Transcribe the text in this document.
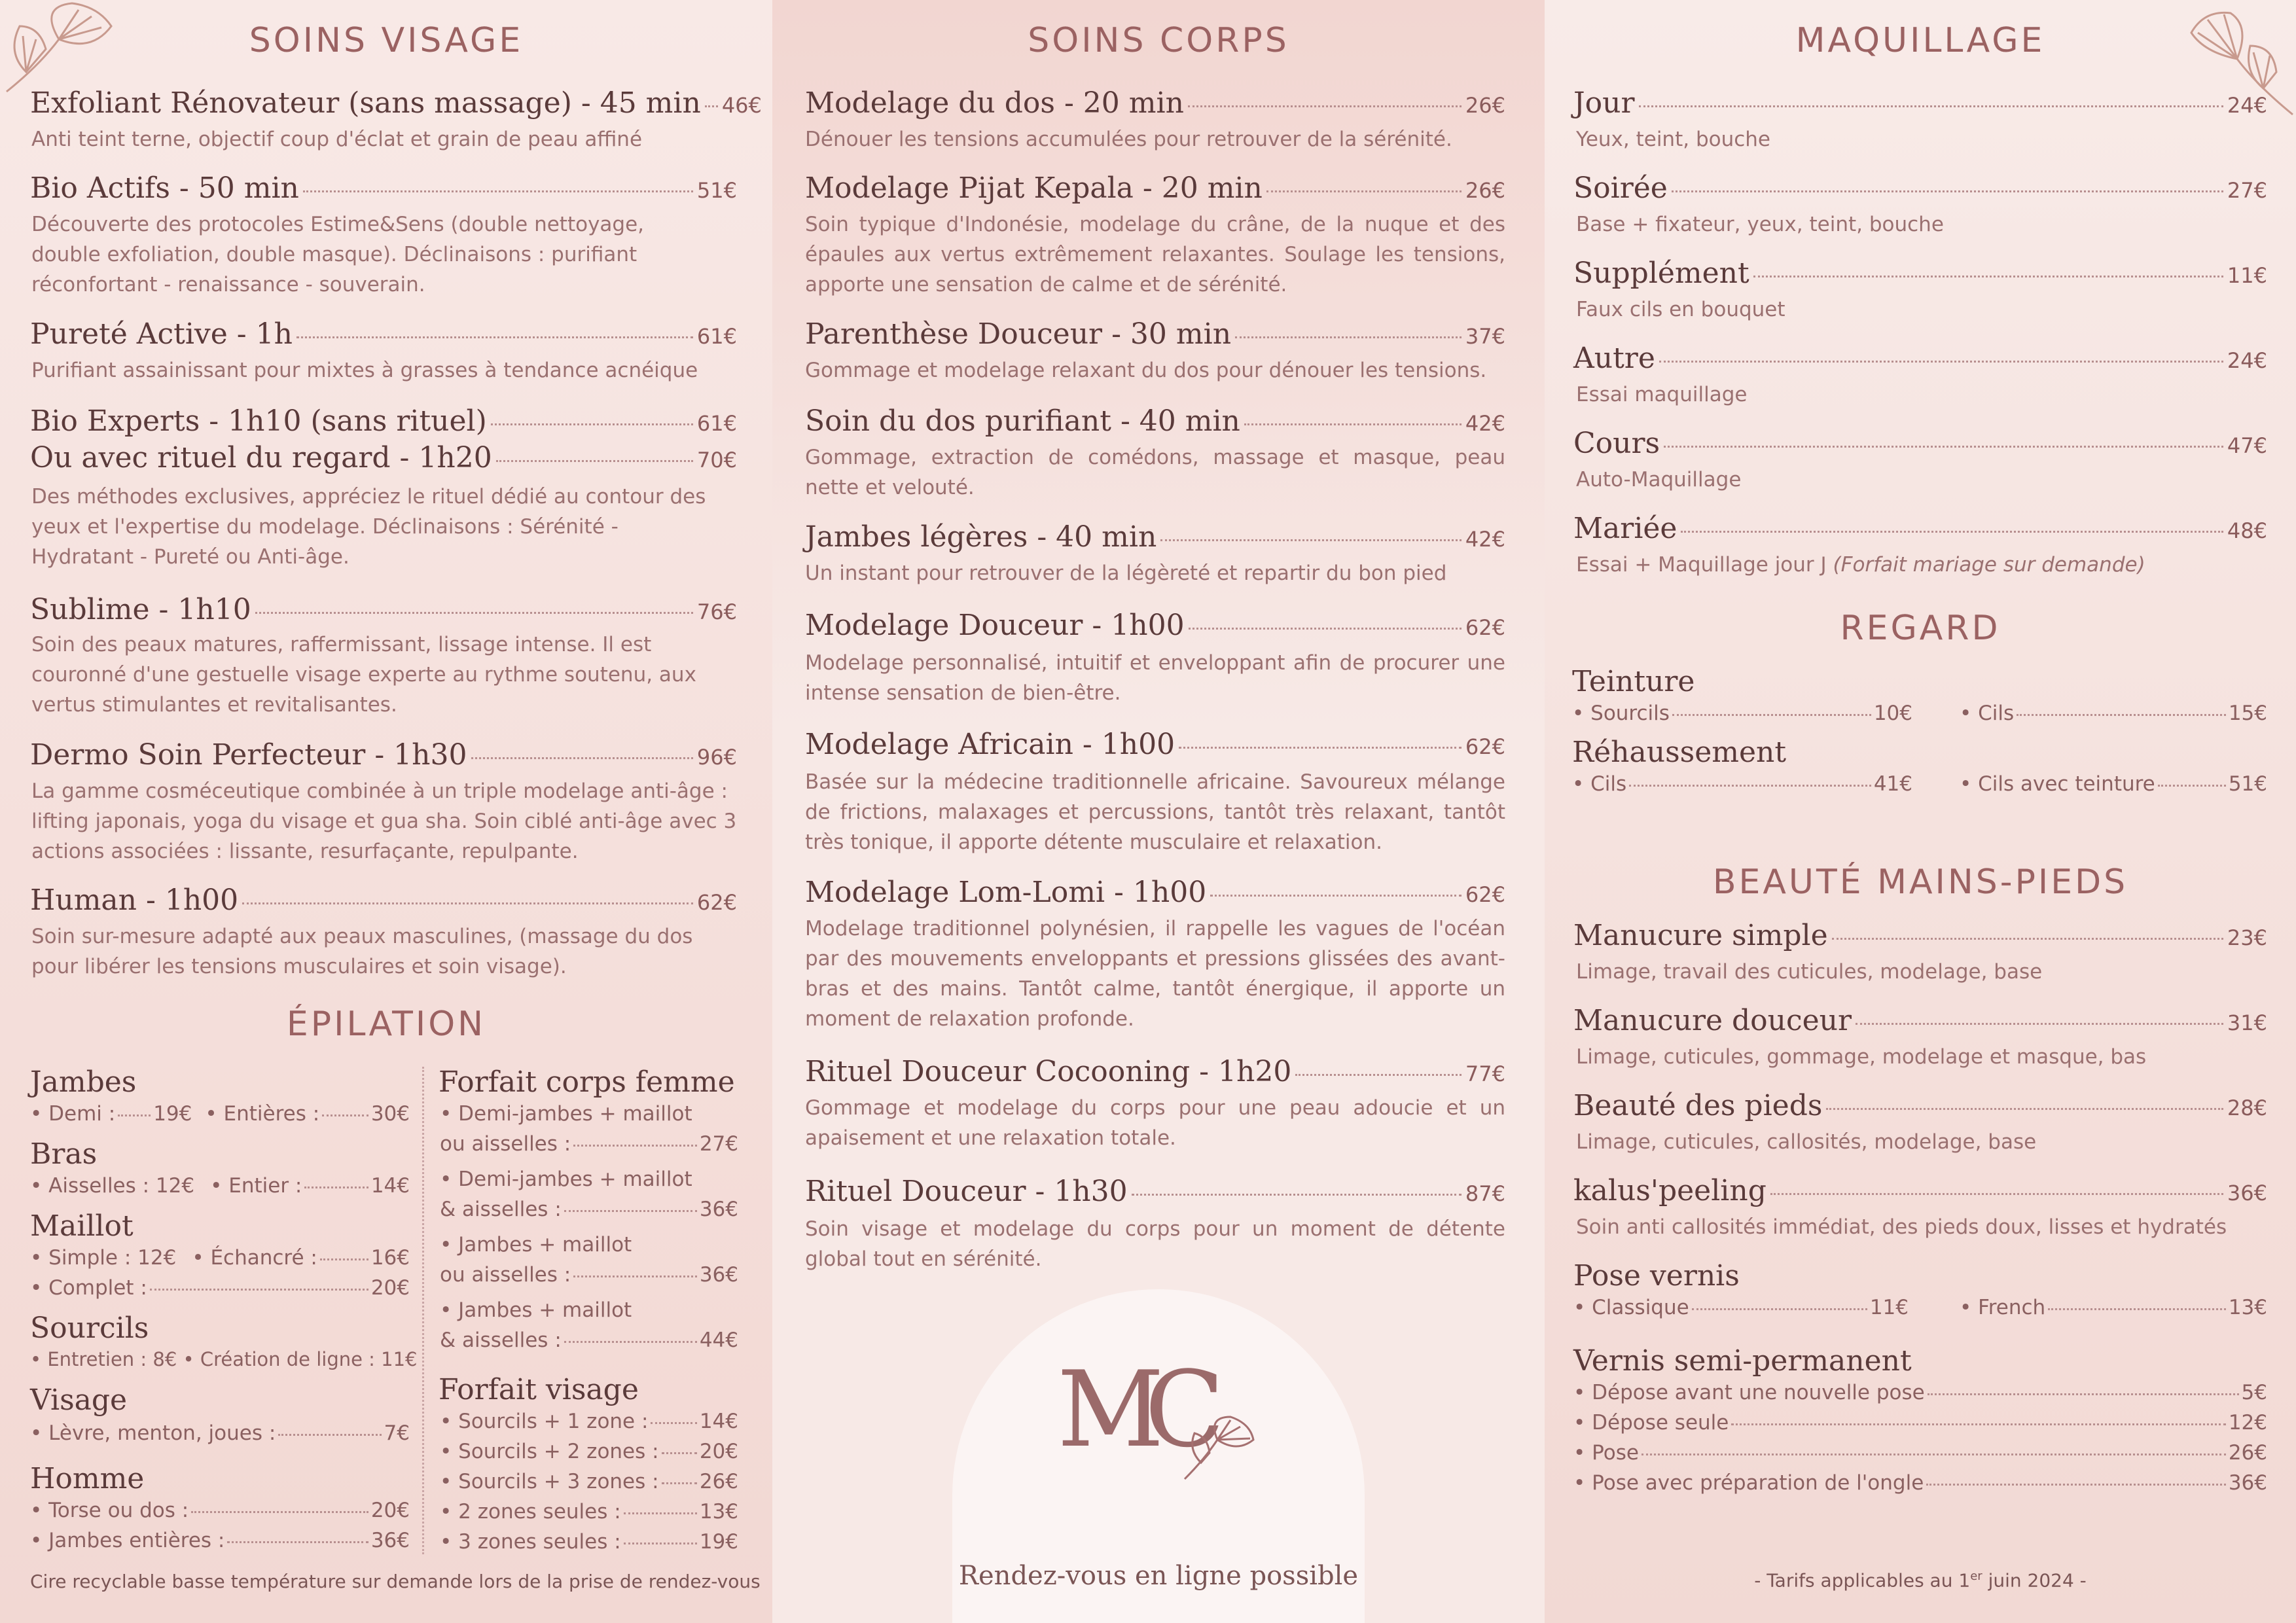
SOINS VISAGE
Exfoliant Rénovateur (sans massage) - 45 min 46€
Anti teint terne, objectif coup d'éclat et grain de peau affiné
Bio Actifs - 50 min	51€
Découverte des protocoles Estime&Sens (double nettoyage, double exfoliation, double masque). Déclinaisons : purifiant réconfortant - renaissance - souverain.
Pureté Active - 1h	61€
Purifiant assainissant pour mixtes à grasses à tendance acnéique
Bio Experts - 1h10 (sans rituel)	61€
Ou avec rituel du regard - 1h20	70€
Des méthodes exclusives, appréciez le rituel dédié au contour des yeux et l'expertise du modelage. Déclinaisons : Sérénité - Hydratant - Pureté ou Anti-âge.
Sublime - 1h10	76€
Soin des peaux matures, raffermissant, lissage intense. Il est couronné d'une gestuelle visage experte au rythme soutenu, aux vertus stimulantes et revitalisantes.
Dermo Soin Perfecteur - 1h30	96€
La gamme cosméceutique combinée à un triple modelage anti-âge : lifting japonais, yoga du visage et gua sha. Soin ciblé anti-âge avec 3 actions associées : lissante, resurfaçante, repulpante.
Human - 1h00	62€
Soin sur-mesure adapté aux peaux masculines, (massage du dos pour libérer les tensions musculaires et soin visage).
ÉPILATION
Jambes
• Demi : 19€ • Entières :	30€
Bras
• Aisselles : 12€ • Entier :	14€
Maillot
• Simple : 12€ • Échancré :	16€
• Complet :	20€
Sourcils
• Entretien : 8€ • Création de ligne : 11€
Visage
• Lèvre, menton, joues :	7€
Homme
• Torse ou dos :	20€
• Jambes entières :	36€
Forfait corps femme
• Demi-jambes + maillot
ou aisselles :	27€
• Demi-jambes + maillot
& aisselles :	36€
• Jambes + maillot
ou aisselles :	36€
• Jambes + maillot
& aisselles :	44€
Forfait visage
• Sourcils + 1 zone :	14€
• Sourcils + 2 zones : 20€
• Sourcils + 3 zones : 26€
• 2 zones seules :	13€
• 3 zones seules :	19€
Cire recyclable basse température sur demande lors de la prise de rendez-vous
SOINS CORPS
Modelage du dos - 20 min	26€
Dénouer les tensions accumulées pour retrouver de la sérénité.
Modelage Pijat Kepala - 20 min	26€
Soin typique d'Indonésie, modelage du crâne, de la nuque et des épaules aux vertus extrêmement relaxantes. Soulage les tensions, apporte une sensation de calme et de sérénité.
Parenthèse Douceur - 30 min	37€
Gommage et modelage relaxant du dos pour dénouer les tensions.
Soin du dos purifiant - 40 min	42€
Gommage, extraction de comédons, massage et masque, peau nette et velouté.
Jambes légères - 40 min	42€
Un instant pour retrouver de la légèreté et repartir du bon pied
Modelage Douceur - 1h00	62€
Modelage personnalisé, intuitif et enveloppant afin de procurer une intense sensation de bien-être.
Modelage Africain - 1h00	62€
Basée sur la médecine traditionnelle africaine. Savoureux mélange de frictions, malaxages et percussions, tantôt très relaxant, tantôt très tonique, il apporte détente musculaire et relaxation.
Modelage Lom-Lomi - 1h00	62€
Modelage traditionnel polynésien, il rappelle les vagues de l'océan par des mouvements enveloppants et pressions glissées des avant-bras et des mains. Tantôt calme, tantôt énergique, il apporte un moment de relaxation profonde.
Rituel Douceur Cocooning - 1h20	77€
Gommage et modelage du corps pour une peau adoucie et un apaisement et une relaxation totale.
Rituel Douceur - 1h30	87€
Soin visage et modelage du corps pour un moment de détente global tout en sérénité.
MC
Rendez-vous en ligne possible
MAQUILLAGE
Jour	24€
Yeux, teint, bouche
Soirée	27€
Base + fixateur, yeux, teint, bouche
Supplément	11€
Faux cils en bouquet
Autre	24€
Essai maquillage
Cours	47€
Auto-Maquillage
Mariée	48€
Essai + Maquillage jour J (Forfait mariage sur demande)
REGARD
Teinture
• Sourcils	10€ • Cils	15€
Réhaussement
• Cils	41€ • Cils avec teinture	51€
BEAUTÉ MAINS-PIEDS
Manucure simple	23€
Limage, travail des cuticules, modelage, base
Manucure douceur	31€
Limage, cuticules, gommage, modelage et masque, bas
Beauté des pieds	28€
Limage, cuticules, callosités, modelage, base
kalus'peeling	36€
Soin anti callosités immédiat, des pieds doux, lisses et hydratés
Pose vernis
• Classique	11€	• French	13€
Vernis semi-permanent
• Dépose avant une nouvelle pose	5€
• Dépose seule	12€
• Pose	26€
• Pose avec préparation de l'ongle	36€
- Tarifs applicables au 1er juin 2024 -
